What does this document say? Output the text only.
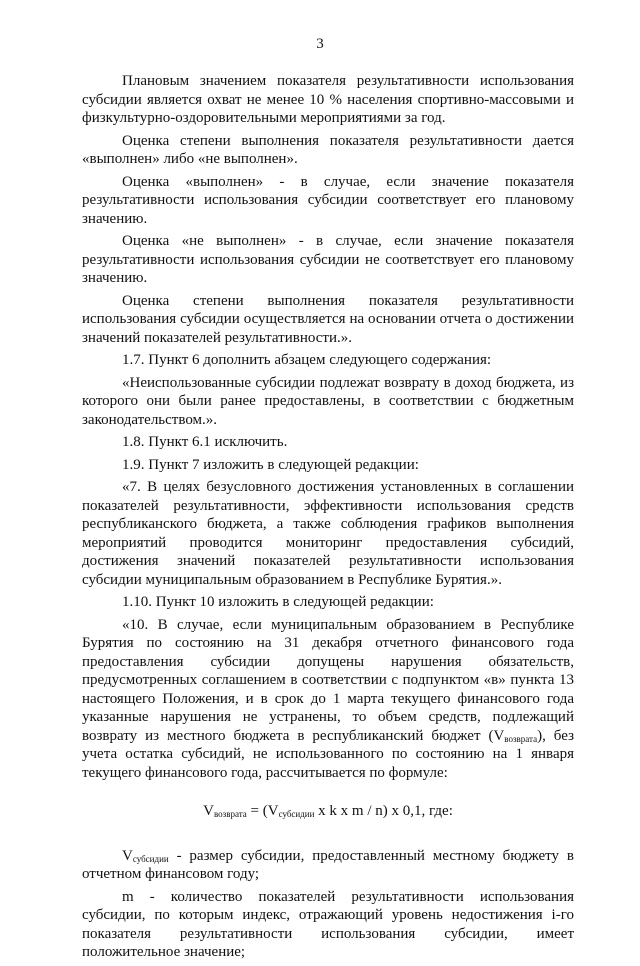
3

Плановым значением показателя результативности использования субсидии является охват не менее 10 % населения спортивно-массовыми и физкультурно-оздоровительными мероприятиями за год.

Оценка степени выполнения показателя результативности дается «выполнен» либо «не выполнен».

Оценка «выполнен» - в случае, если значение показателя результативности использования субсидии соответствует его плановому значению.

Оценка «не выполнен» - в случае, если значение показателя результативности использования субсидии не соответствует его плановому значению.

Оценка степени выполнения показателя результативности использования субсидии осуществляется на основании отчета о достижении значений показателей результативности.».

1.7. Пункт 6 дополнить абзацем следующего содержания:

«Неиспользованные субсидии подлежат возврату в доход бюджета, из которого они были ранее предоставлены, в соответствии с бюджетным законодательством.».

1.8. Пункт 6.1 исключить.

1.9. Пункт 7 изложить в следующей редакции:

«7. В целях безусловного достижения установленных в соглашении показателей результативности, эффективности использования средств республиканского бюджета, а также соблюдения графиков выполнения мероприятий проводится мониторинг предоставления субсидий, достижения значений показателей результативности использования субсидии муниципальным образованием в Республике Бурятия.».

1.10. Пункт 10 изложить в следующей редакции:

«10. В случае, если муниципальным образованием в Республике Бурятия по состоянию на 31 декабря отчетного финансового года предоставления субсидии допущены нарушения обязательств, предусмотренных соглашением в соответствии с подпунктом «в» пункта 13 настоящего Положения, и в срок до 1 марта текущего финансового года указанные нарушения не устранены, то объем средств, подлежащий возврату из местного бюджета в республиканский бюджет $(V_{возврата})$, без учета остатка субсидий, не использованного по состоянию на 1 января текущего финансового года, рассчитывается по формуле:

$V_{возврата} = (V_{субсидии}$ x k x m / n) x 0,1, где:

$V_{субсидии}$ - размер субсидии, предоставленный местному бюджету в отчетном финансовом году;

m - количество показателей результативности использования субсидии, по которым индекс, отражающий уровень недостижения i-го показателя результативности использования субсидии, имеет положительное значение;
